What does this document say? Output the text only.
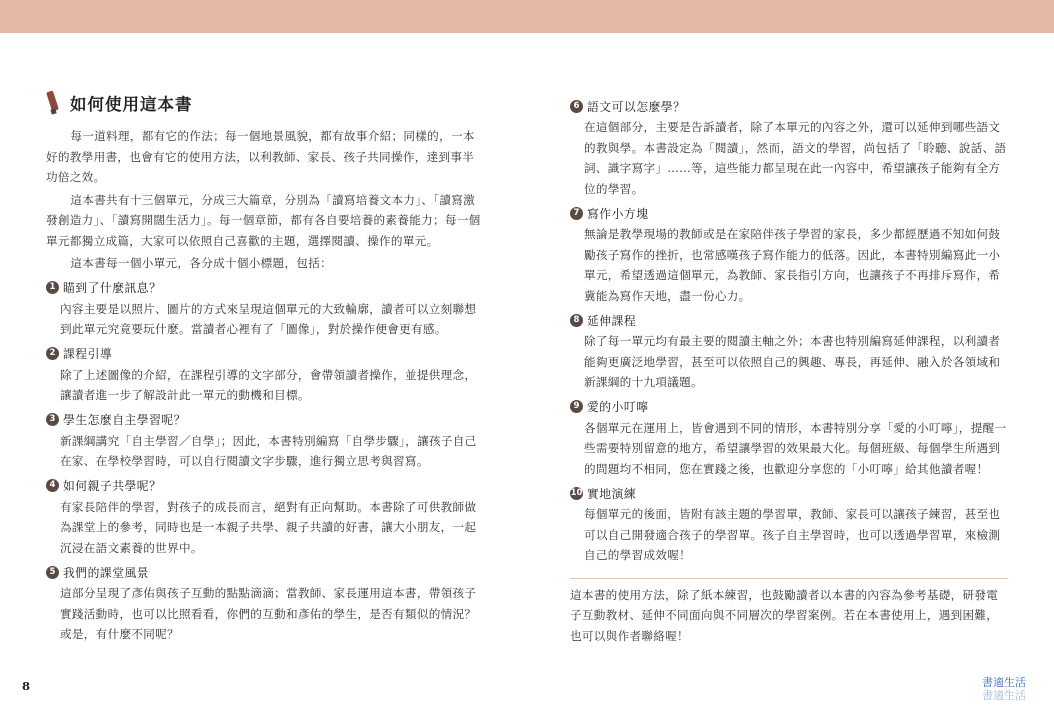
如何使用這本書

每一道料理，都有它的作法；每一個地景風貌，都有故事介紹；同樣的，一本好的教學用書，也會有它的使用方法，以利教師、家長、孩子共同操作，達到事半功倍之效。

這本書共有十三個單元，分成三大篇章，分別為「讀寫培養文本力」、「讀寫激發創造力」、「讀寫開闊生活力」。每一個章節，都有各自要培養的素養能力；每一個單元都獨立成篇，大家可以依照自己喜歡的主題，選擇閱讀、操作的單元。

這本書每一個小單元，各分成十個小標題，包括：

1 瞄到了什麼訊息？

內容主要是以照片、圖片的方式來呈現這個單元的大致輪廓，讀者可以立刻聯想到此單元究竟要玩什麼。當讀者心裡有了「圖像」，對於操作便會更有感。

2 課程引導

除了上述圖像的介紹，在課程引導的文字部分，會帶領讀者操作，並提供理念，讓讀者進一步了解設計此一單元的動機和目標。

3 學生怎麼自主學習呢？

新課綱講究「自主學習／自學」；因此，本書特別編寫「自學步驟」，讓孩子自己在家、在學校學習時，可以自行閱讀文字步驟，進行獨立思考與習寫。

4 如何親子共學呢？

有家長陪伴的學習，對孩子的成長而言，絕對有正向幫助。本書除了可供教師做為課堂上的參考，同時也是一本親子共學、親子共讀的好書，讓大小朋友，一起沉浸在語文素養的世界中。

5 我們的課堂風景

這部分呈現了彥佑與孩子互動的點點滴滴；當教師、家長運用這本書，帶領孩子實踐活動時，也可以比照看看，你們的互動和彥佑的學生，是否有類似的情況？或是，有什麼不同呢？

6 語文可以怎麼學？

在這個部分，主要是告訴讀者，除了本單元的內容之外，還可以延伸到哪些語文的教與學。本書設定為「閱讀」，然而，語文的學習，尚包括了「聆聽、說話、語詞、識字寫字」……等，這些能力都呈現在此一內容中，希望讓孩子能夠有全方位的學習。

7 寫作小方塊

無論是教學現場的教師或是在家陪伴孩子學習的家長，多少都經歷過不知如何鼓勵孩子寫作的挫折，也常感嘆孩子寫作能力的低落。因此，本書特別編寫此一小單元，希望透過這個單元，為教師、家長指引方向，也讓孩子不再排斥寫作，希冀能為寫作天地，盡一份心力。

8 延伸課程

除了每一單元均有最主要的閱讀主軸之外；本書也特別編寫延伸課程，以利讀者能夠更廣泛地學習，甚至可以依照自己的興趣、專長，再延伸、融入於各領域和新課綱的十九項議題。

9 愛的小叮嚀

各個單元在運用上，皆會遇到不同的情形，本書特別分享「愛的小叮嚀」，提醒一些需要特別留意的地方，希望讓學習的效果最大化。每個班級、每個學生所遇到的問題均不相同，您在實踐之後，也歡迎分享您的「小叮嚀」給其他讀者喔！

10 實地演練

每個單元的後面，皆附有該主題的學習單，教師、家長可以讓孩子練習，甚至也可以自己開發適合孩子的學習單。孩子自主學習時，也可以透過學習單，來檢測自己的學習成效喔！

這本書的使用方法，除了紙本練習，也鼓勵讀者以本書的內容為參考基礎，研發電子互動教材、延伸不同面向與不同層次的學習案例。若在本書使用上，遇到困難，也可以與作者聯絡喔！

8	書適生活
書適生活
